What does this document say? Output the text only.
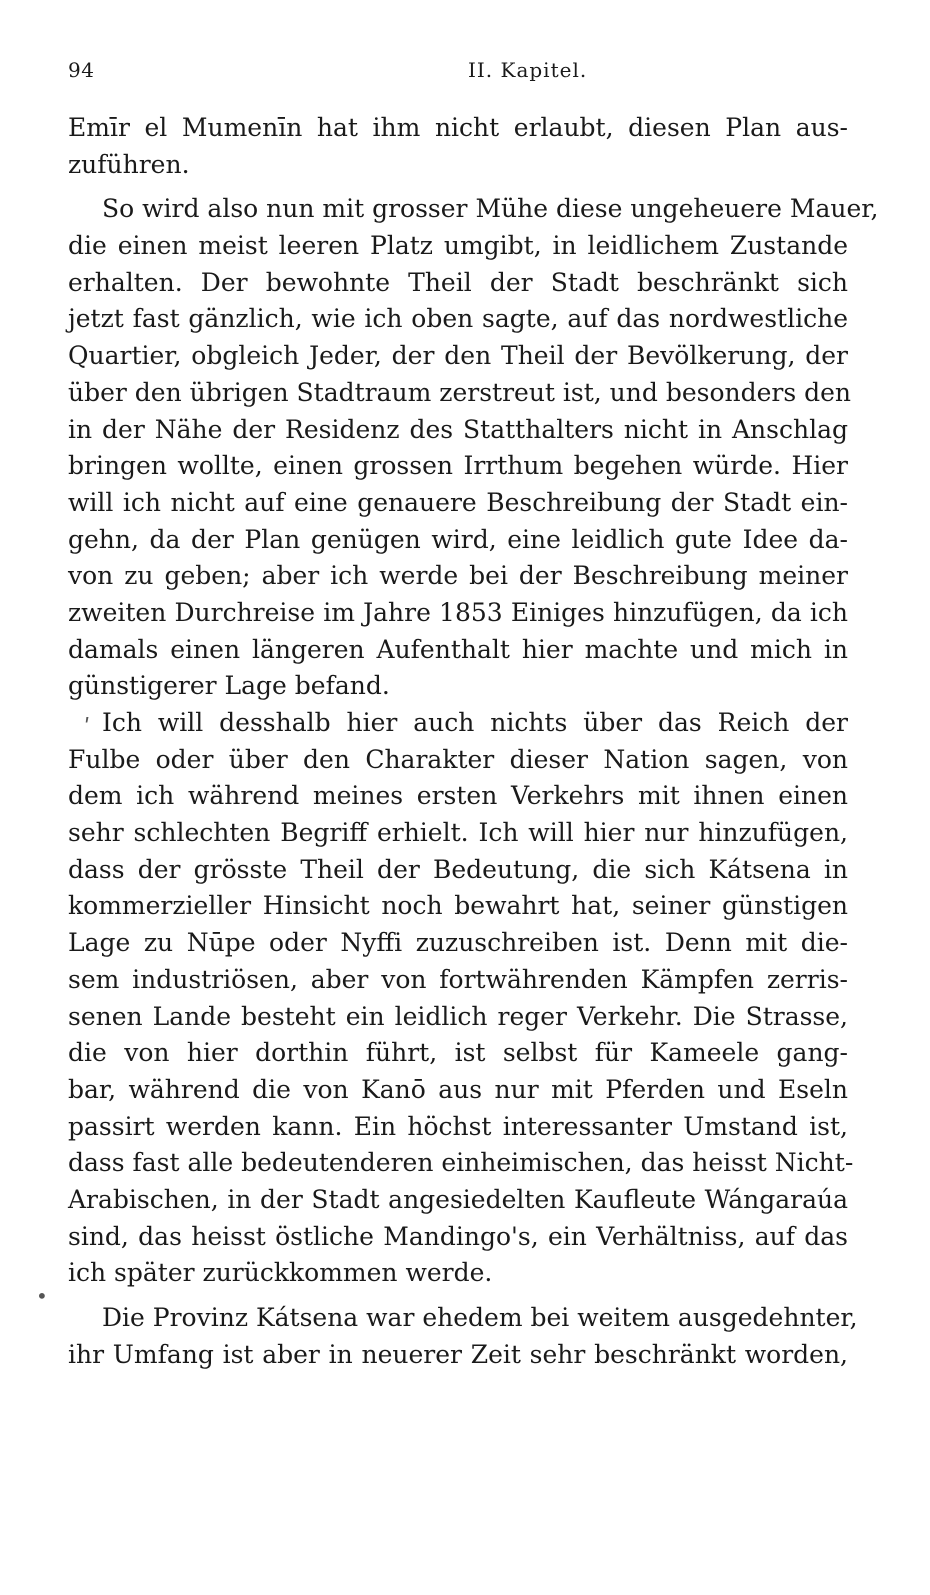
94	II. Kapitel.
ʹ
•
Emīr el Mumenīn hat ihm nicht erlaubt, diesen Plan aus-
zuführen.
So wird also nun mit grosser Mühe diese ungeheuere Mauer,
die einen meist leeren Platz umgibt, in leidlichem Zustande
erhalten. Der bewohnte Theil der Stadt beschränkt sich
jetzt fast gänzlich, wie ich oben sagte, auf das nordwestliche
Quartier, obgleich Jeder, der den Theil der Bevölkerung, der
über den übrigen Stadtraum zerstreut ist, und besonders den
in der Nähe der Residenz des Statthalters nicht in Anschlag
bringen wollte, einen grossen Irrthum begehen würde. Hier
will ich nicht auf eine genauere Beschreibung der Stadt ein-
gehn, da der Plan genügen wird, eine leidlich gute Idee da-
von zu geben; aber ich werde bei der Beschreibung meiner
zweiten Durchreise im Jahre 1853 Einiges hinzufügen, da ich
damals einen längeren Aufenthalt hier machte und mich in
günstigerer Lage befand.
Ich will desshalb hier auch nichts über das Reich der
Fulbe oder über den Charakter dieser Nation sagen, von
dem ich während meines ersten Verkehrs mit ihnen einen
sehr schlechten Begriff erhielt. Ich will hier nur hinzufügen,
dass der grösste Theil der Bedeutung, die sich Kátsena in
kommerzieller Hinsicht noch bewahrt hat, seiner günstigen
Lage zu Nūpe oder Nyffi zuzuschreiben ist. Denn mit die-
sem industriösen, aber von fortwährenden Kämpfen zerris-
senen Lande besteht ein leidlich reger Verkehr. Die Strasse,
die von hier dorthin führt, ist selbst für Kameele gang-
bar, während die von Kanō aus nur mit Pferden und Eseln
passirt werden kann. Ein höchst interessanter Umstand ist,
dass fast alle bedeutenderen einheimischen, das heisst Nicht-
Arabischen, in der Stadt angesiedelten Kaufleute Wángaraúa
sind, das heisst östliche Mandingo's, ein Verhältniss, auf das
ich später zurückkommen werde.
Die Provinz Kátsena war ehedem bei weitem ausgedehnter,
ihr Umfang ist aber in neuerer Zeit sehr beschränkt worden,
